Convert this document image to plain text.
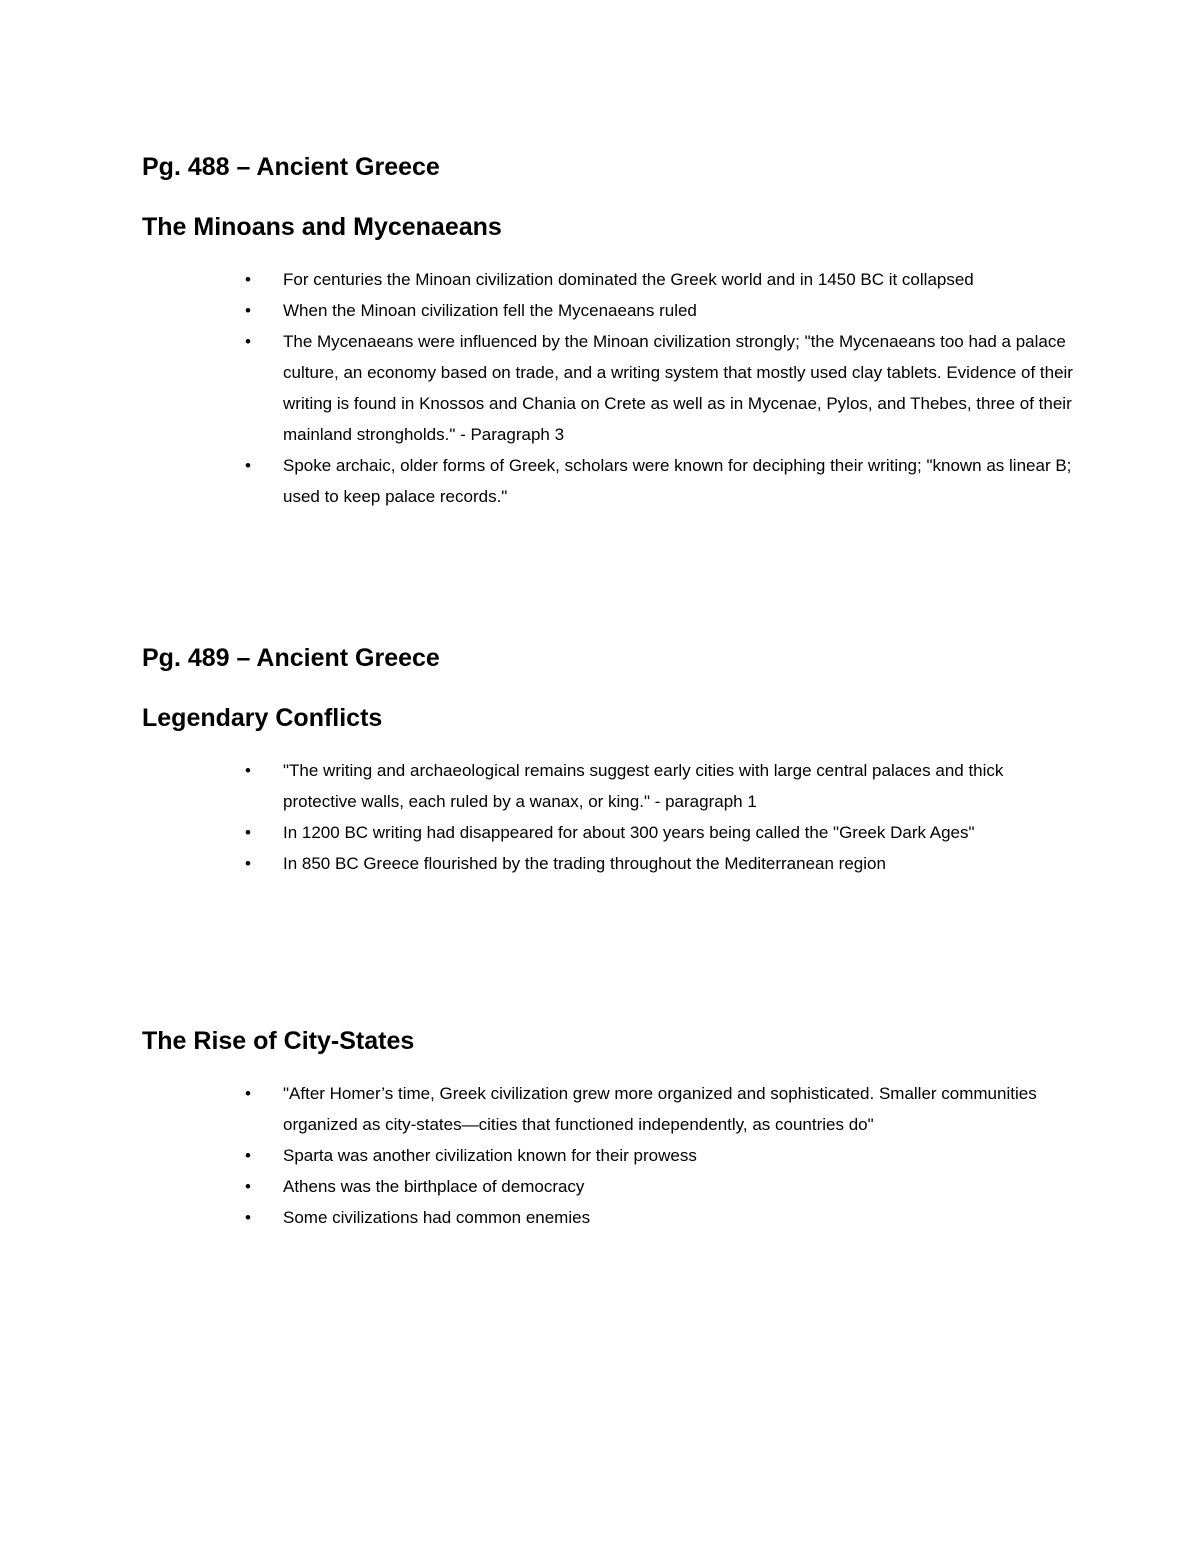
Pg. 488 – Ancient Greece
The Minoans and Mycenaeans
• For centuries the Minoan civilization dominated the Greek world and in 1450 BC it collapsed
• When the Minoan civilization fell the Mycenaeans ruled
• The Mycenaeans were influenced by the Minoan civilization strongly; "the Mycenaeans too had a palace culture, an economy based on trade, and a writing system that mostly used clay tablets. Evidence of their writing is found in Knossos and Chania on Crete as well as in Mycenae, Pylos, and Thebes, three of their mainland strongholds." - Paragraph 3
• Spoke archaic, older forms of Greek, scholars were known for deciphing their writing; "known as linear B; used to keep palace records."
Pg. 489 – Ancient Greece
Legendary Conflicts
• "The writing and archaeological remains suggest early cities with large central palaces and thick protective walls, each ruled by a wanax, or king." - paragraph 1
• In 1200 BC writing had disappeared for about 300 years being called the "Greek Dark Ages"
• In 850 BC Greece flourished by the trading throughout the Mediterranean region
The Rise of City-States
• "After Homer’s time, Greek civilization grew more organized and sophisticated. Smaller communities organized as city-states—cities that functioned independently, as countries do"
• Sparta was another civilization known for their prowess
• Athens was the birthplace of democracy
• Some civilizations had common enemies
